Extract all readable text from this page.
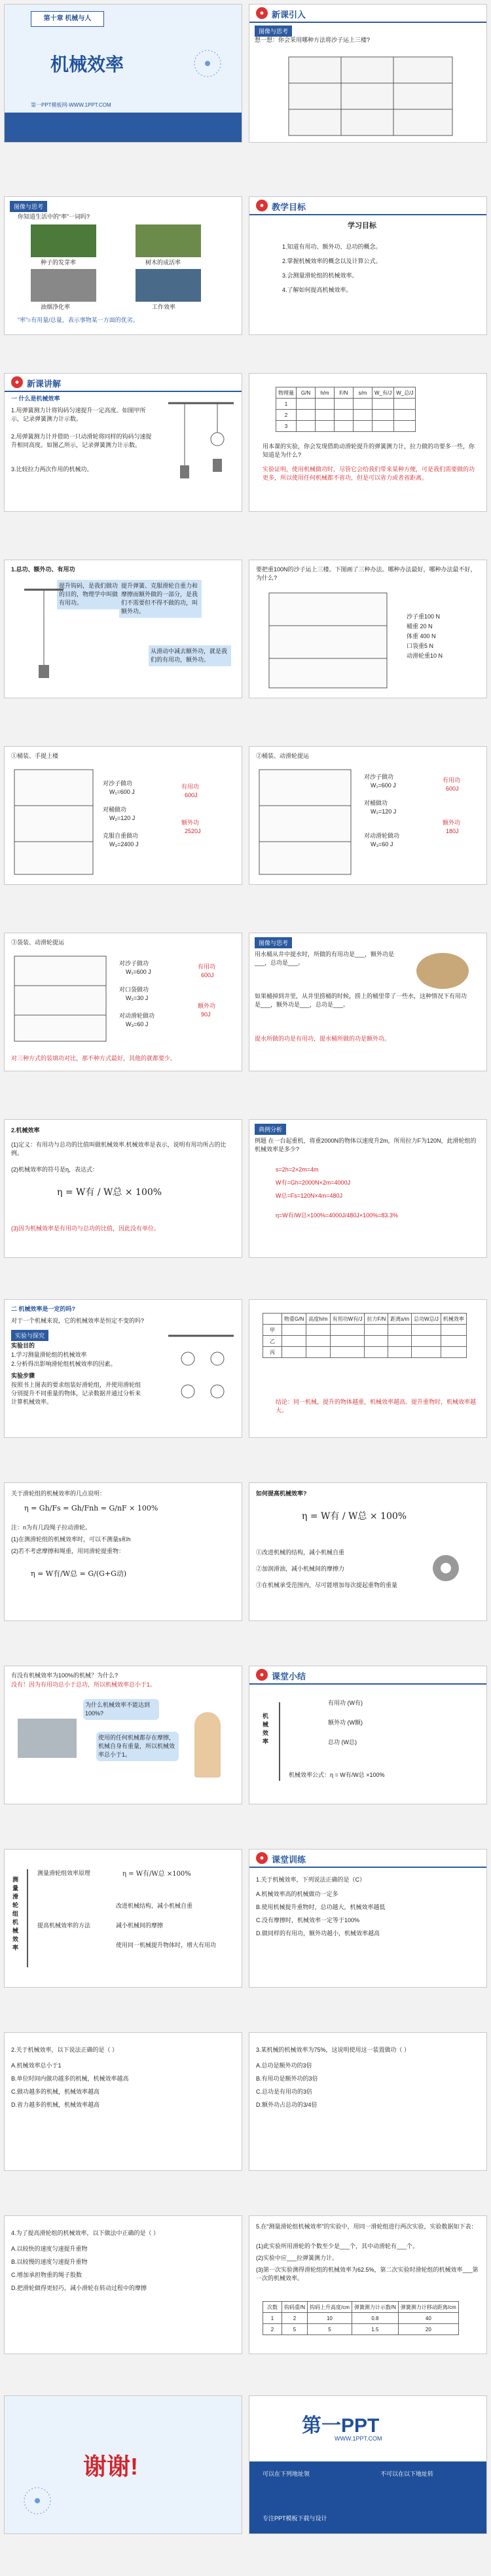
第十章 机械与人
机械效率
第一PPT模板网-WWW.1PPT.COM
● 新课引入
图像与思考
想一想：你会采用哪种方法将沙子运上三楼?
图像与思考
你知道生活中的“率”一词吗?
种子的发芽率	树木的成活率
油烟净化率	工作效率
“率”=有用量/总量，表示事物某一方面的优劣。
● 教学目标
学习目标
1.知道有用功、额外功、总功的概念。
2.掌握机械效率的概念以及计算公式。
3.会测量滑轮组的机械效率。
4.了解如何提高机械效率。
● 新课讲解
一 什么是机械效率
1.用弹簧测力计将钩码匀速提升一定高度。如图甲所示，记录弹簧测力计示数。
2.用弹簧测力计并借助一只动滑轮将同样的钩码匀速提升相同高度。如图乙所示，记录弹簧测力计示数。
3.比较拉力两次作用的机械功。
物理量	G/N	h/m	F/N	s/m	W_有/J	W_总/J
1						
2						
3						
用本课的实验，你会发现借助动滑轮提升的弹簧测力计，拉力做的功要多一些，你知道是为什么?
实验证明，使用机械做功时，尽管它会给我们带来某种方便，可是我们需要做的功更多，所以使用任何机械都不省功，但是可以省力或者省距离。
1.总功、额外功、有用功
提升钩码，是我们做功的目的，物理学中叫做有用功。
提升弹簧、克服滑轮自重力和摩擦而额外做的一部分，是我们不需要但不得不做的功，叫额外功。
从滑动中减去额外功，就是我们的有用功，额外功。
要把重100N的沙子运上三楼。下图画了三种办法。哪种办法最好，哪种办法最不好，为什么?
沙子重100 N
桶重 20 N
体重 400 N
口袋重5 N
动滑轮重10 N
①桶装、手提上楼
对沙子做功
W₁=600 J
对桶做功
W₂=120 J
克服自重做功
W₃=2400 J
有用功
600J
额外功
2520J
②桶装、动滑轮提运
对沙子做功
W₁=600 J
对桶做功
W₂=120 J
对动滑轮做功
W₃=60 J
有用功
600J
额外功
180J
③袋装、动滑轮提运
对沙子做功
W₁=600 J
对口袋做功
W₂=30 J
对动滑轮做功
W₃=60 J
有用功
600J
额外功
90J
对三种方式的装填功对比，那不种方式最好，其他的就都要少。
图像与思考
用水桶从井中提水时，所做的有用功是___，额外功是___，总功是___。
如果桶掉到井里，从井里捞桶的时候，捞上的桶里带了一些水，这种情况下有用功是___，额外功是___，总功是___。
提水所做的功是有用功，提水桶所做的功是额外功。
2.机械效率
(1)定义：有用功与总功的比值叫做机械效率.机械效率是表示，说明有用功所占的比例。
(2)机械效率的符号是η，表达式：
η = W有 / W总 × 100%
(3)因为机械效率是有用功与总功的比值，因此没有单位。
典例分析
例题 在一台起重机，将重2000N的物体以速度升2m，所用拉力F为120N，此滑轮组的机械效率是多少?
s=2h=2×2m=4m
W有=Gh=2000N×2m=4000J
W总=Fs=120N×4m=480J
η=W有/W总×100%=4000J/480J×100%=83.3%
二 机械效率是一定的吗?
对于一个机械来说，它的机械效率是恒定不变的吗?
实验与探究
实验目的
1.学习测量滑轮组的机械效率
2.分析得出影响滑轮组机械效率的因素。
实验步骤
按照书上图表的要求组装好滑轮组，并使用滑轮组分别提升不同重量的物体，记录数据并通过分析来计算机械效率。
	物重G/N	高度h/m	有用功W有/J	拉力F/N	距离s/m	总功W总/J	机械效率
甲							
乙							
丙							
结论：同一机械，提升的物体越重，机械效率越高。提升重物时，机械效率越大。
关于滑轮组的机械效率的几点说明：
η = Gh/Fs = Gh/Fnh = G/nF × 100%
注：n为有几段绳子拉动滑轮。
(1)在测滑轮组的机械效率时，可以不测量s和h
(2)若不考虑摩擦和绳重，用同滑轮提重物：
η = W有/W总 = G/(G+G动)
如何提高机械效率?
η = W有 / W总 × 100%
①改进机械的结构，减小机械自重
②加润滑油，减小机械间的摩擦力
③在机械承受范围内，尽可能增加每次提起重物的重量
有没有机械效率为100%的机械？为什么?
没有！因为有用功总小于总功，所以机械效率总小于1。
为什么机械效率不能达到100%?
使用的任何机械都存在摩擦，机械自身有重量，所以机械效率总小于1。
● 课堂小结
机械效率
有用功 (W有)
额外功 (W额)
总功 (W总)
机械效率公式：η = W有/W总 ×100%
测量滑轮组机械效率
测量滑轮组效率原理	η = W有/W总 ×100%
提高机械效率的方法
改进机械结构，减小机械自重
减小机械间的摩擦
使用同一机械提升物体时，增大有用功
● 课堂训练
1.关于机械效率，下列说法正确的是（C）
A.机械效率高的机械做功一定多
B.使用机械提升重物时，总功越大，机械效率越低
C.没有摩擦时，机械效率一定等于100%
D.做同样的有用功，额外功越小，机械效率越高
2.关于机械效率，以下说法正确的是（ ）
A.机械效率总小于1
B.单位时间内做功越多的机械，机械效率越高
C.做功越多的机械，机械效率越高
D.省力越多的机械，机械效率越高
3.某机械的机械效率为75%，这说明使用这一装置做功（ ）
A.总功是额外功的3倍
B.有用功是额外功的3倍
C.总功是有用功的3倍
D.额外功占总功的3/4倍
4.为了提高滑轮组的机械效率，以下做法中正确的是（ ）
A.以较快的速度匀速提升重物
B.以较慢的速度匀速提升重物
C.增加承担物重的绳子股数
D.把滑轮做得更轻巧，减小滑轮在转动过程中的摩擦
5.在“测量滑轮组机械效率”的实验中，用同一滑轮组进行两次实验，实验数据如下表：
(1)此实验所用滑轮的个数至少是___个，其中动滑轮有___个。
(2)实验中应___拉弹簧测力计。
(3)第一次实验测得滑轮组的机械效率为62.5%，第二次实验时滑轮组的机械效率___第一次的机械效率。
次数	钩码重/N	钩码上升高度/cm	弹簧测力计示数/N	弹簧测力计移动距离/cm
1	2	10	0.8	40
2	5	5	1.5	20
谢谢!
第一PPT
WWW.1PPT.COM
可以在下列地址领	不可以在以下地址转
专注PPT模板下载与设计
